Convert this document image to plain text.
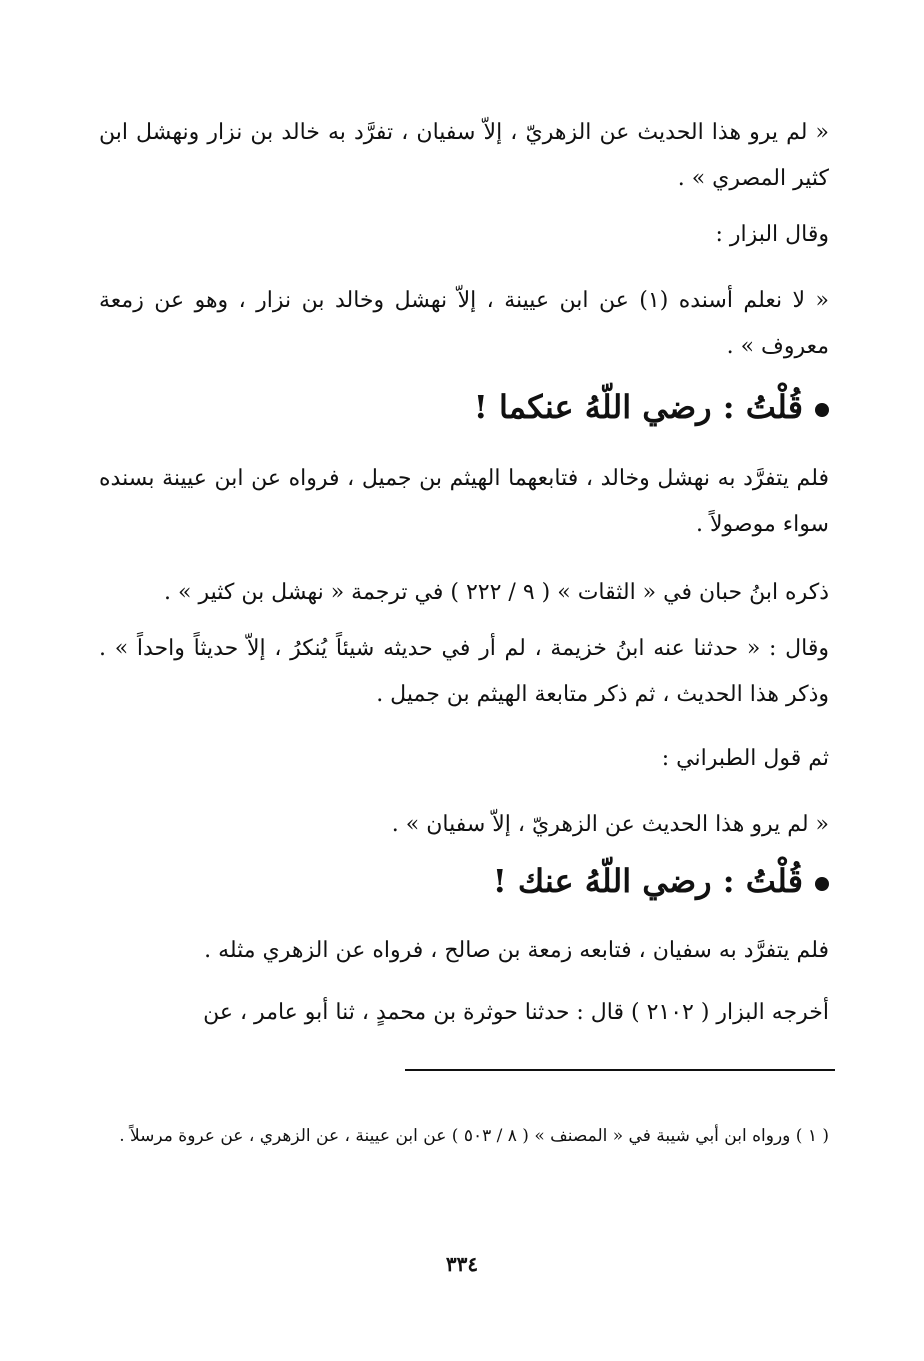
« لم يرو هذا الحديث عن الزهريّ ، إلاّ سفيان ، تفرَّد به خالد بن نزار ونهشل ابن كثير المصري » .

وقال البزار :

« لا نعلم أسنده (١) عن ابن عيينة ، إلاّ نهشل وخالد بن نزار ، وهو عن زمعة معروف » .

قُلْتُ : رضي اللّهُ عنكما !

فلم يتفرَّد به نهشل وخالد ، فتابعهما الهيثم بن جميل ، فرواه عن ابن عيينة بسنده سواء موصولاً .

ذكره ابنُ حبان في « الثقات » ( ٩ / ٢٢٢ ) في ترجمة « نهشل بن كثير » .

وقال : « حدثنا عنه ابنُ خزيمة ، لم أر في حديثه شيئاً يُنكرُ ، إلاّ حديثاً واحداً » . وذكر هذا الحديث ، ثم ذكر متابعة الهيثم بن جميل .

ثم قول الطبراني :

« لم يرو هذا الحديث عن الزهريّ ، إلاّ سفيان » .

قُلْتُ : رضي اللّهُ عنك !

فلم يتفرَّد به سفيان ، فتابعه زمعة بن صالح ، فرواه عن الزهري مثله .

أخرجه البزار ( ٢١٠٢ ) قال : حدثنا حوثرة بن محمدٍ ، ثنا أبو عامر ، عن

( ١ ) ورواه ابن أبي شيبة في « المصنف » ( ٨ / ٥٠٣ ) عن ابن عيينة ، عن الزهري ، عن عروة مرسلاً .

٣٣٤
